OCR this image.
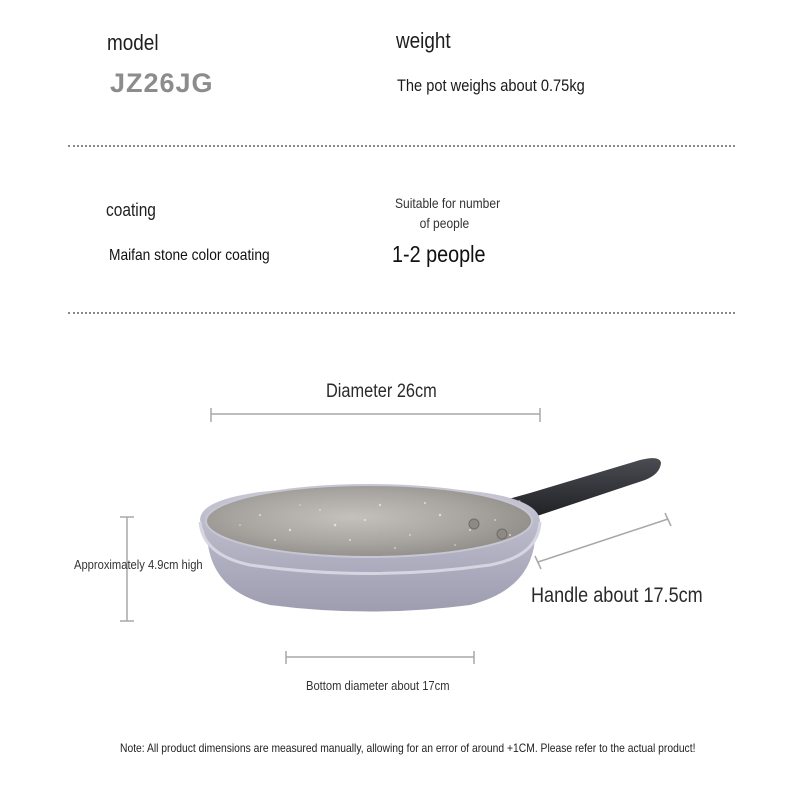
model
JZ26JG
weight
The pot weighs about 0.75kg
coating
Maifan stone color coating
Suitable for number
of people
1-2 people
Diameter 26cm
Approximately 4.9cm high
Handle about 17.5cm
Bottom diameter about 17cm
Note: All product dimensions are measured manually, allowing for an error of around +1CM. Please refer to the actual product!
